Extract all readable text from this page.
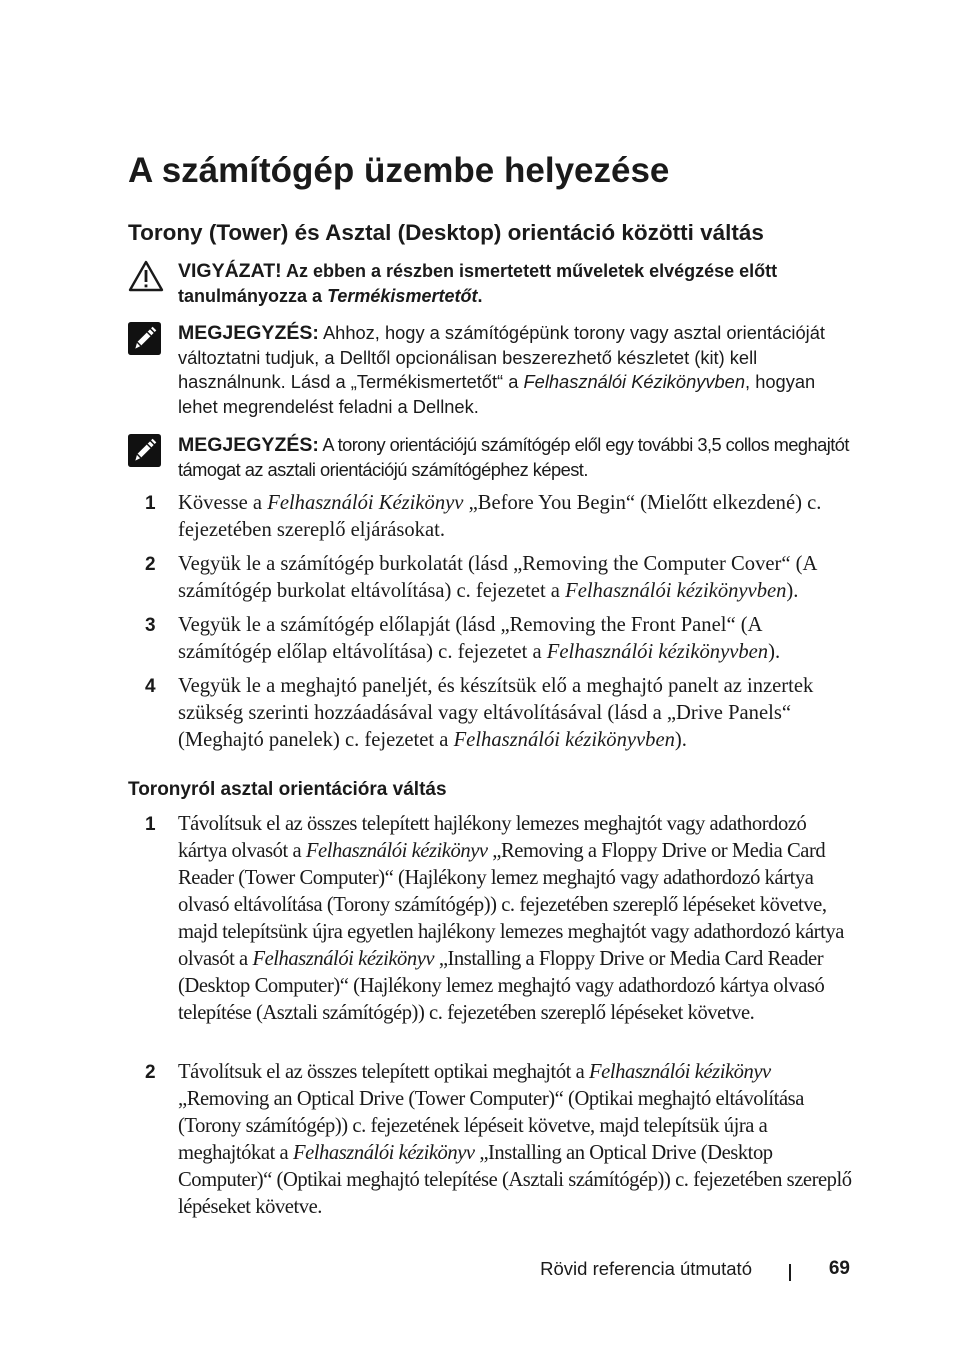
A számítógép üzembe helyezése
Torony (Tower) és Asztal (Desktop) orientáció közötti váltás
VIGYÁZAT! Az ebben a részben ismertetett műveletek elvégzése előtt tanulmányozza a Termékismertetőt.
MEGJEGYZÉS: Ahhoz, hogy a számítógépünk torony vagy asztal orientációját változtatni tudjuk, a Delltől opcionálisan beszerezhető készletet (kit) kell használnunk. Lásd a „Termékismertetőt“ a Felhasználói Kézikönyvben, hogyan lehet megrendelést feladni a Dellnek.
MEGJEGYZÉS: A torony orientációjú számítógép elől egy további 3,5 collos meghajtót támogat az asztali orientációjú számítógéphez képest.
1 Kövesse a Felhasználói Kézikönyv „Before You Begin“ (Mielőtt elkezdené) c. fejezetében szereplő eljárásokat.
2 Vegyük le a számítógép burkolatát (lásd „Removing the Computer Cover“ (A számítógép burkolat eltávolítása) c. fejezetet a Felhasználói kézikönyvben).
3 Vegyük le a számítógép előlapját (lásd „Removing the Front Panel“ (A számítógép előlap eltávolítása) c. fejezetet a Felhasználói kézikönyvben).
4 Vegyük le a meghajtó paneljét, és készítsük elő a meghajtó panelt az inzertek szükség szerinti hozzáadásával vagy eltávolításával (lásd a „Drive Panels“ (Meghajtó panelek) c. fejezetet a Felhasználói kézikönyvben).
Toronyról asztal orientációra váltás
1 Távolítsuk el az összes telepített hajlékony lemezes meghajtót vagy adathordozó kártya olvasót a Felhasználói kézikönyv „Removing a Floppy Drive or Media Card Reader (Tower Computer)“ (Hajlékony lemez meghajtó vagy adathordozó kártya olvasó eltávolítása (Torony számítógép)) c. fejezetében szereplő lépéseket követve, majd telepítsünk újra egyetlen hajlékony lemezes meghajtót vagy adathordozó kártya olvasót a Felhasználói kézikönyv „Installing a Floppy Drive or Media Card Reader (Desktop Computer)“ (Hajlékony lemez meghajtó vagy adathordozó kártya olvasó telepítése (Asztali számítógép)) c. fejezetében szereplő lépéseket követve.
2 Távolítsuk el az összes telepített optikai meghajtót a Felhasználói kézikönyv „Removing an Optical Drive (Tower Computer)“ (Optikai meghajtó eltávolítása (Torony számítógép)) c. fejezetének lépéseit követve, majd telepítsük újra a meghajtókat a Felhasználói kézikönyv „Installing an Optical Drive (Desktop Computer)“ (Optikai meghajtó telepítése (Asztali számítógép)) c. fejezetében szereplő lépéseket követve.
Rövid referencia útmutató	69
